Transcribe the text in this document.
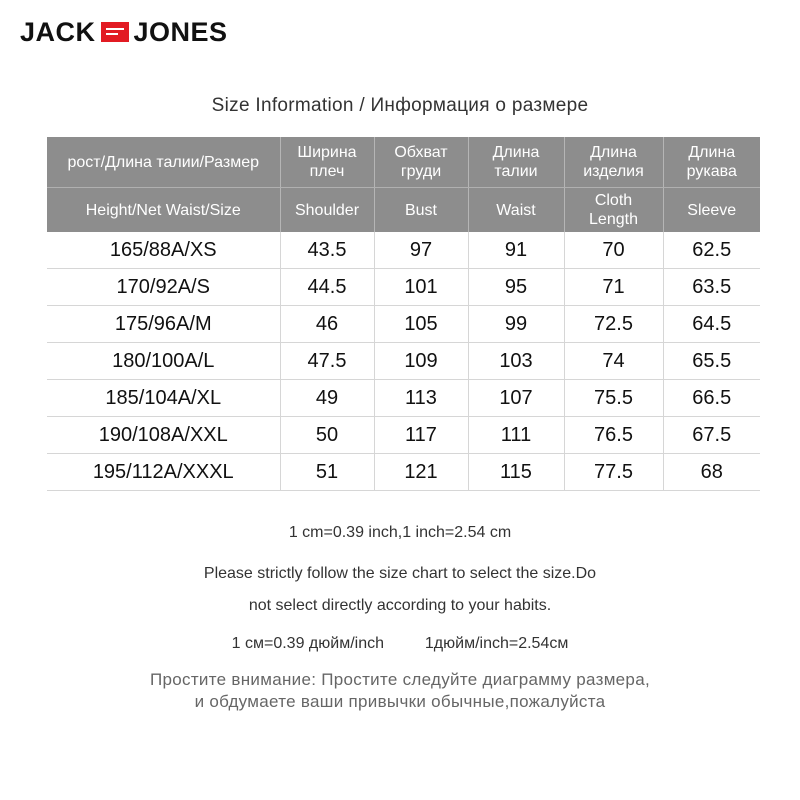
JACK JONES
Size Information / Информация о размере
рост/Длина талии/Размер	Ширина плеч	Обхват груди	Длина талии	Длина изделия	Длина рукава
Height/Net Waist/Size	Shoulder	Bust	Waist	Cloth Length	Sleeve
165/88A/XS	43.5	97	91	70	62.5
170/92A/S	44.5	101	95	71	63.5
175/96A/M	46	105	99	72.5	64.5
180/100A/L	47.5	109	103	74	65.5
185/104A/XL	49	113	107	75.5	66.5
190/108A/XXL	50	117	111	76.5	67.5
195/112A/XXXL	51	121	115	77.5	68
1 cm=0.39 inch,1 inch=2.54 cm
Please strictly follow the size chart to select the size.Do
not select directly according to your habits.
1 cм=0.39 дюйм/inch	1дюйм/inch=2.54cм
Простите внимание: Простите следуйте диаграмму размера,
и обдумаете ваши привычки обычные,пожалуйста
